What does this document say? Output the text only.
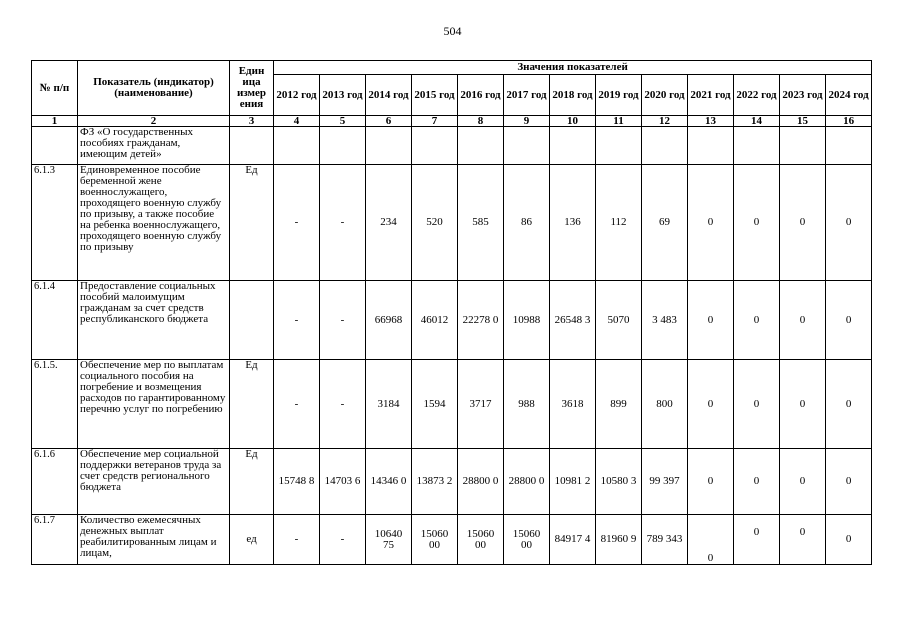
504
№ п/п	Показатель (индикатор) (наименование)	Един ица измер ения	Значения показателей												
			2012 год	2013 год	2014 год	2015 год	2016 год	2017 год	2018 год	2019 год	2020 год	2021 год	2022 год	2023 год	2024 год
1	2	3	4	5	6	7	8	9	10	11	12	13	14	15	16
	ФЗ «О государственных пособиях гражданам, имеющим детей»														
6.1.3	Единовременное пособие беременной жене военнослужащего, проходящего военную службу по призыву, а также пособие на ребенка военнослужащего, проходящего военную службу по призыву	Ед	-	-	234	520	585	86	136	112	69	0	0	0	0
6.1.4	Предоставление социальных пособий малоимущим гражданам за счет средств республиканского бюджета		-	-	66968	46012	22278 0	10988	26548 3	5070	3 483	0	0	0	0
6.1.5.	Обеспечение мер по выплатам социального пособия на погребение и возмещения расходов по гарантированному перечню услуг по погребению	Ед	-	-	3184	1594	3717	988	3618	899	800	0	0	0	0
6.1.6	Обеспечение мер социальной поддержки ветеранов труда за счет средств регионального бюджета	Ед	15748 8	14703 6	14346 0	13873 2	28800 0	28800 0	10981 2	10580 3	99 397	0	0	0	0
6.1.7	Количество ежемесячных денежных выплат реабилитированным лицам и лицам,	ед	-	-	10640 75	15060 00	15060 00	15060 00	84917 4	81960 9	789 343	0	0	0	0
